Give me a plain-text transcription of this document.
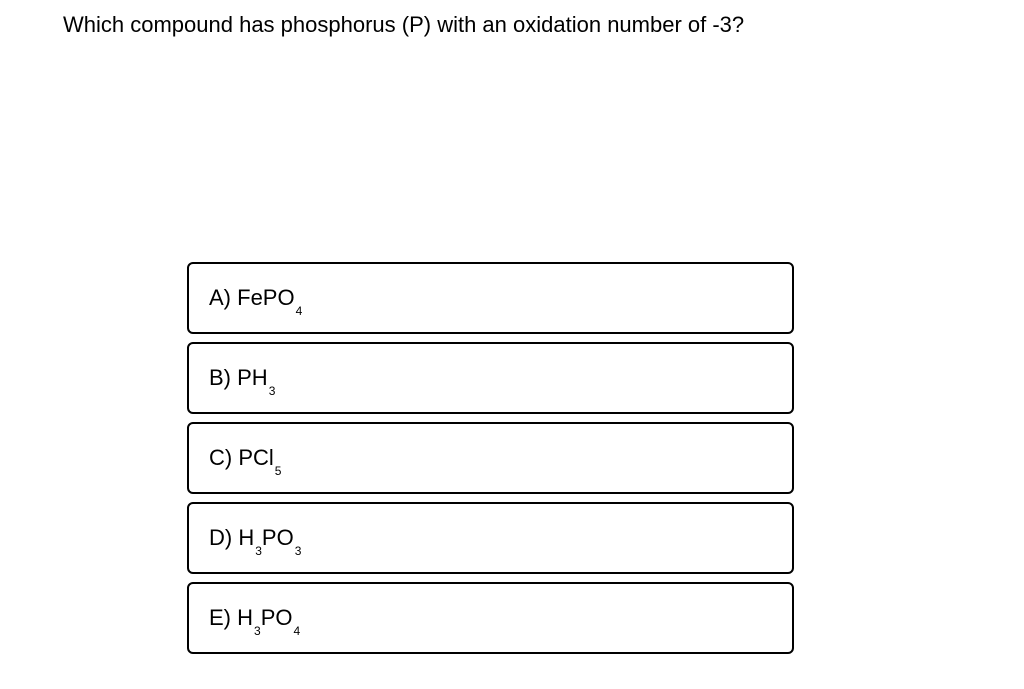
Which compound has phosphorus (P) with an oxidation number of -3?
A) FePO$_4$
B) $PH_3$
C) PCl$_5$
D) $H_3PO_3$
E) $H_3PO_4$
